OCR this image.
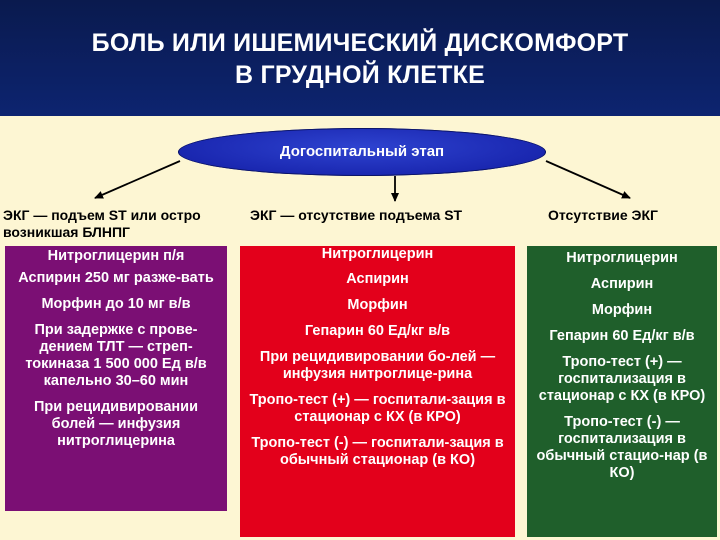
БОЛЬ ИЛИ ИШЕМИЧЕСКИЙ ДИСКОМФОРТ
В ГРУДНОЙ КЛЕТКЕ
Догоспитальный этап
ЭКГ — подъем ST или остро возникшая БЛНПГ
ЭКГ — отсутствие подъема ST	Отсутствие ЭКГ
Нитроглицерин п/я
Аспирин 250 мг разже-вать
Морфин до 10 мг в/в
При задержке с прове-дением ТЛТ — стреп-токиназа 1 500 000 Ед в/в капельно 30–60 мин
При рецидивировании болей — инфузия нитроглицерина
Нитроглицерин
Аспирин
Морфин
Гепарин 60 Ед/кг в/в
При рецидивировании бо-лей —инфузия нитроглице-рина
Тропо-тест (+) — госпитали-зация в стационар с КХ (в КРО)
Тропо-тест (-) — госпитали-зация в обычный стационар (в КО)
Нитроглицерин
Аспирин
Морфин
Гепарин 60 Ед/кг в/в
Тропо-тест (+) — госпитализация в стационар с КХ (в КРО)
Тропо-тест (-) — госпитализация в обычный стацио-нар (в КО)
